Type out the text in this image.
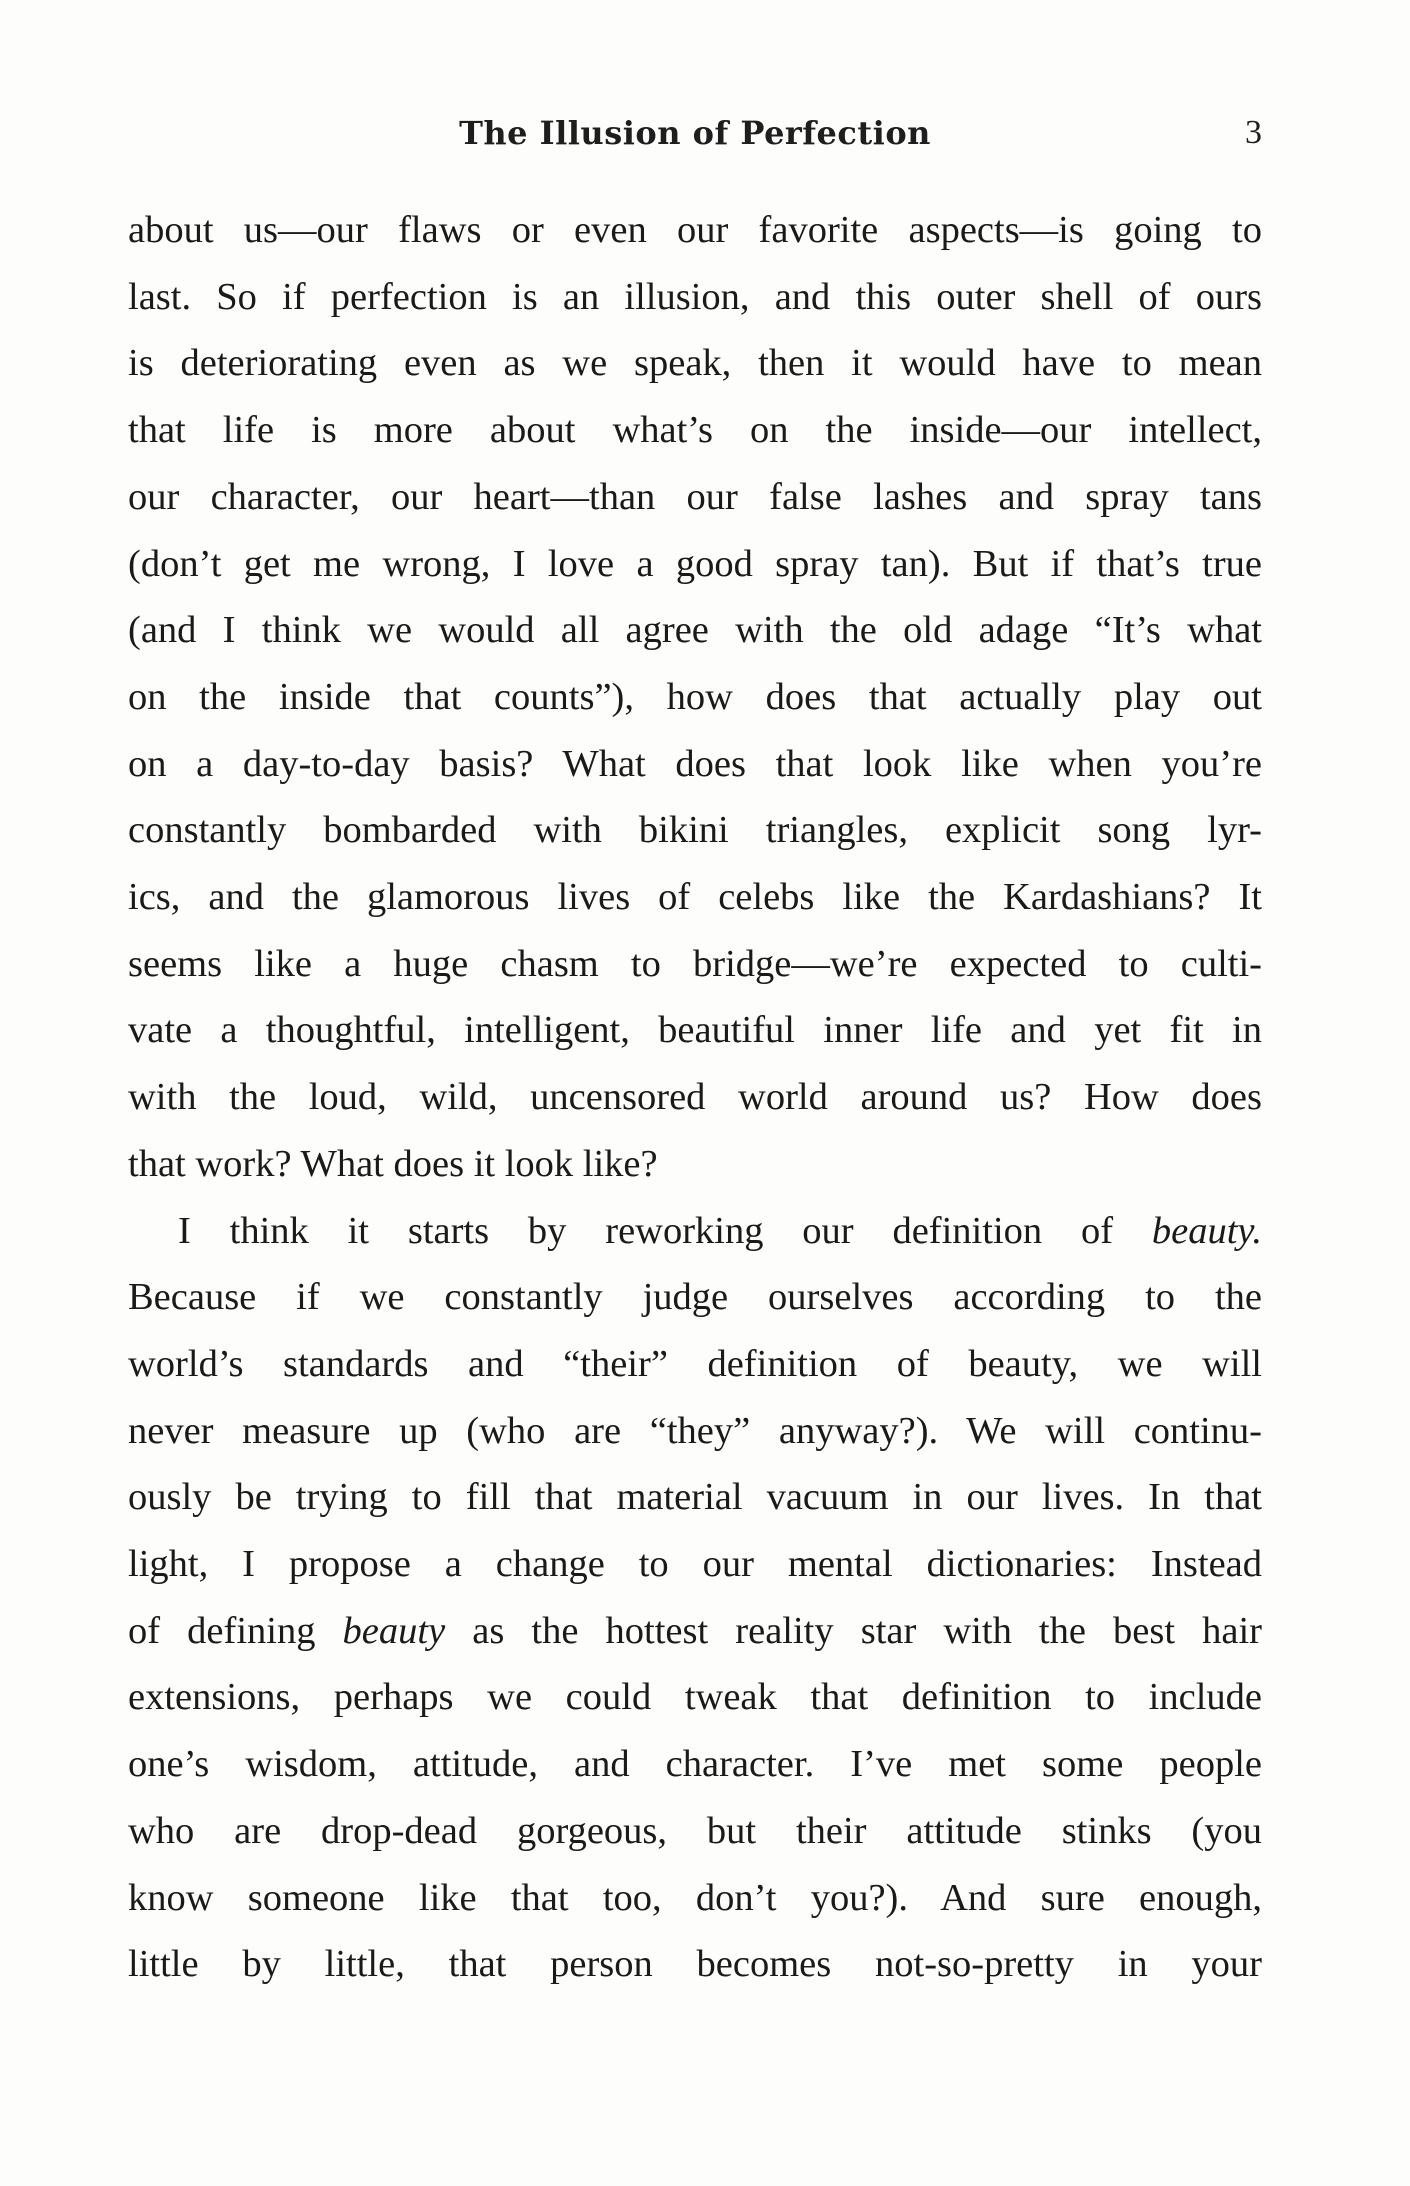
The Illusion of Perfection	3
about us—our flaws or even our favorite aspects—is going to
last. So if perfection is an illusion, and this outer shell of ours
is deteriorating even as we speak, then it would have to mean
that life is more about what’s on the inside—our intellect,
our character, our heart—than our false lashes and spray tans
(don’t get me wrong, I love a good spray tan). But if that’s true
(and I think we would all agree with the old adage “It’s what
on the inside that counts”), how does that actually play out
on a day-to-day basis? What does that look like when you’re
constantly bombarded with bikini triangles, explicit song lyr-
ics, and the glamorous lives of celebs like the Kardashians? It
seems like a huge chasm to bridge—we’re expected to culti-
vate a thoughtful, intelligent, beautiful inner life and yet fit in
with the loud, wild, uncensored world around us? How does
that work? What does it look like?
I think it starts by reworking our definition of beauty.
Because if we constantly judge ourselves according to the
world’s standards and “their” definition of beauty, we will
never measure up (who are “they” anyway?). We will continu-
ously be trying to fill that material vacuum in our lives. In that
light, I propose a change to our mental dictionaries: Instead
of defining beauty as the hottest reality star with the best hair
extensions, perhaps we could tweak that definition to include
one’s wisdom, attitude, and character. I’ve met some people
who are drop-dead gorgeous, but their attitude stinks (you
know someone like that too, don’t you?). And sure enough,
little by little, that person becomes not-so-pretty in your
